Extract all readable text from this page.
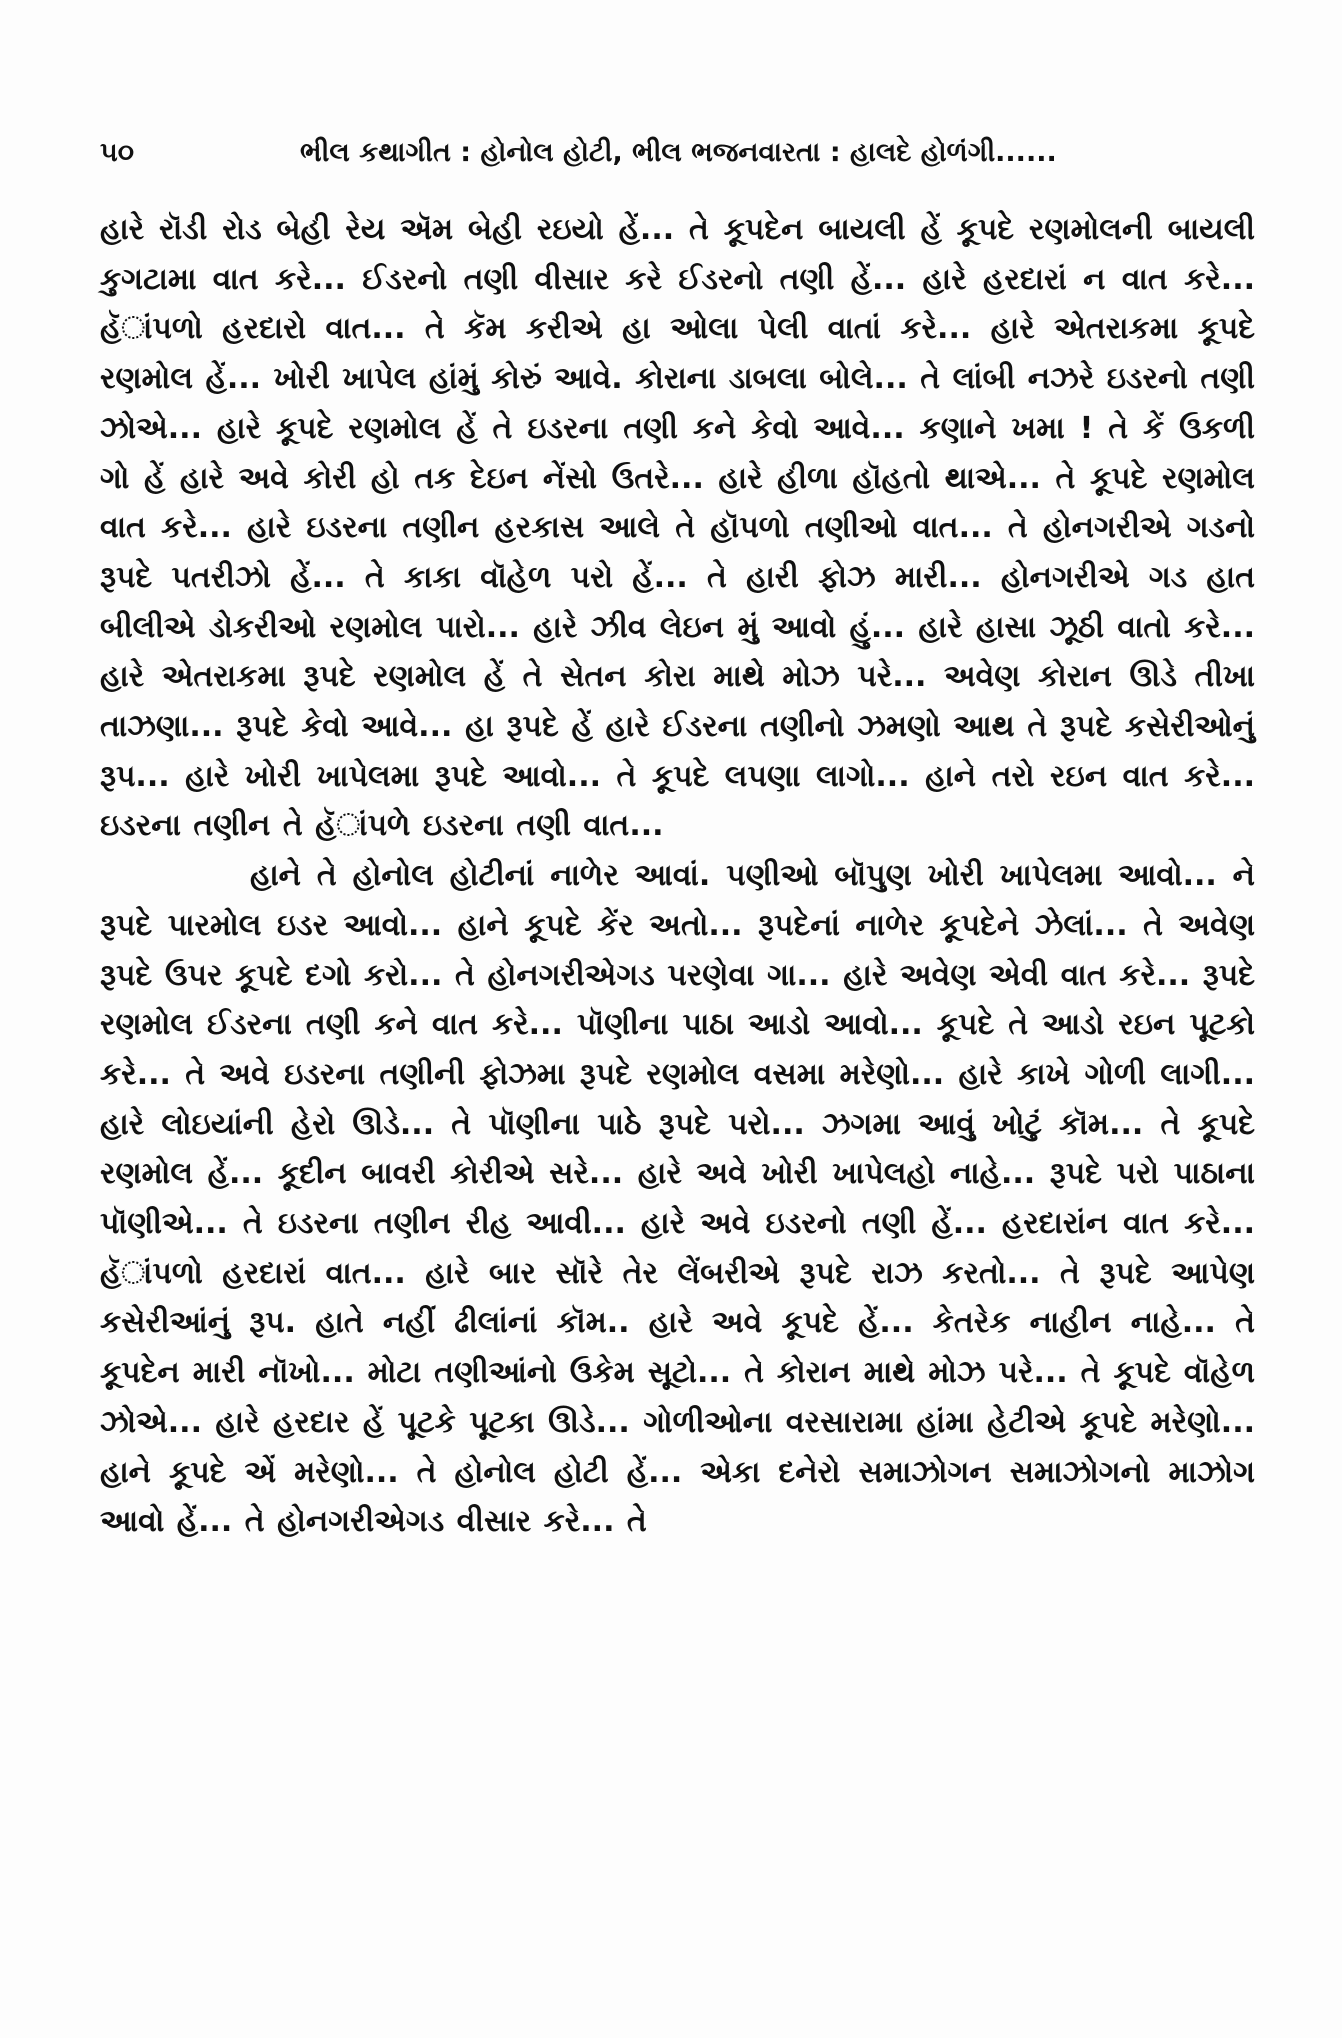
૫૦	ભીલ કથાગીત : હોનોલ હોટી, ભીલ ભજનવારતા : હાલદે હોળંગી......

હારે રૉડી રોડ બેહી રેય ઍમ બેહી રઇયો હેં... તે કૂપદેન બાયલી હેં કૂપદે રણમોલની બાયલી કુગટામા વાત કરે... ઈડરનો તણી વીસાર કરે ઈડરનો તણી હેં... હારે હરદારાં ન વાત કરે... હૅાંપળો હરદારો વાત... તે કૅમ કરીએ હા ઓલા પેલી વાતાં કરે... હારે એતરાકમા કૂપદે રણમોલ હેં... ખોરી ખાપેલ હાંમું કોરું આવે. કોરાના ડાબલા બોલે... તે લાંબી નઝરે ઇડરનો તણી ઝોએ... હારે કૂપદે રણમોલ હેં તે ઇડરના તણી કને કેવો આવે... કણાને ખમા ! તે કેં ઉકળી ગો હેં હારે અવે કોરી હો તક દેઇન નેંસો ઉતરે... હારે હીળા હૉહતો થાએ... તે કૂપદે રણમોલ વાત કરે... હારે ઇડરના તણીન હરકાસ આલે તે હૉપળો તણીઓ વાત... તે હોનગરીએ ગડનો રૂપદે પતરીઝો હેં... તે કાકા વૉહેળ પરો હેં... તે હારી ફોઝ મારી... હોનગરીએ ગડ હાત બીલીએ ડોકરીઓ રણમોલ પારો... હારે ઝીવ લેઇન મું આવો હું... હારે હાસા ઝૂઠી વાતો કરે... હારે એતરાકમા રૂપદે રણમોલ હેં તે સેતન કોરા માથે મોઝ પરે... અવેણ કોરાન ઊડે તીખા તાઝણા... રૂપદે કેવો આવે... હા રૂપદે હેં હારે ઈડરના તણીનો ઝમણો આથ તે રૂપદે કસેરીઓનું રૂપ... હારે ખોરી ખાપેલમા રૂપદે આવો... તે કૂપદે લપણા લાગો... હાને તરો રઇન વાત કરે... ઇડરના તણીન તે હૅાંપળે ઇડરના તણી વાત...

હાને તે હોનોલ હોટીનાં નાળેર આવાં. પણીઓ બૉપુણ ખોરી ખાપેલમા આવો... ને રૂપદે પારમોલ ઇડર આવો... હાને કૂપદે કેંર અતો... રૂપદેનાં નાળેર કૂપદેને ઝેલાં... તે અવેણ રૂપદે ઉપર કૂપદે દગો કરો... તે હોનગરીએગડ પરણેવા ગા... હારે અવેણ એવી વાત કરે... રૂપદે રણમોલ ઈડરના તણી કને વાત કરે... પૉણીના પાઠા આડો આવો... કૂપદે તે આડો રઇન પૂટકો કરે... તે અવે ઇડરના તણીની ફોઝમા રૂપદે રણમોલ વસમા મરેણો... હારે કાખે ગોળી લાગી... હારે લોઇયાંની હેરો ઊડે... તે પૉણીના પાઠે રૂપદે પરો... ઝગમા આવું ખોટું કૉમ... તે કૂપદે રણમોલ હેં... કૂદીન બાવરી કોરીએ સરે... હારે અવે ખોરી ખાપેલહો નાહે... રૂપદે પરો પાઠાના પૉણીએ... તે ઇડરના તણીન રીહ આવી... હારે અવે ઇડરનો તણી હેં... હરદારાંન વાત કરે... હૅાંપળો હરદારાં વાત... હારે બાર સૉરે તેર લેંબરીએ રૂપદે રાઝ કરતો... તે રૂપદે આપેણ કસેરીઆંનું રૂપ. હાતે નહીં ઢીલાંનાં કૉમ.. હારે અવે કૂપદે હેં... કેતરેક નાહીન નાહે... તે કૂપદેન મારી નૉખો... મોટા તણીઆંનો ઉકેમ સૂટો... તે કોરાન માથે મોઝ પરે... તે કૂપદે વૉહેળ ઝોએ... હારે હરદાર હેં પૂટકે પૂટકા ઊડે... ગોળીઓના વરસારામા હાંમા હેટીએ કૂપદે મરેણો... હાને કૂપદે એં મરેણો... તે હોનોલ હોટી હેં... એકા દનેરો સમાઝોગન સમાઝોગનો માઝોગ આવો હેં... તે હોનગરીએગડ વીસાર કરે... તે
